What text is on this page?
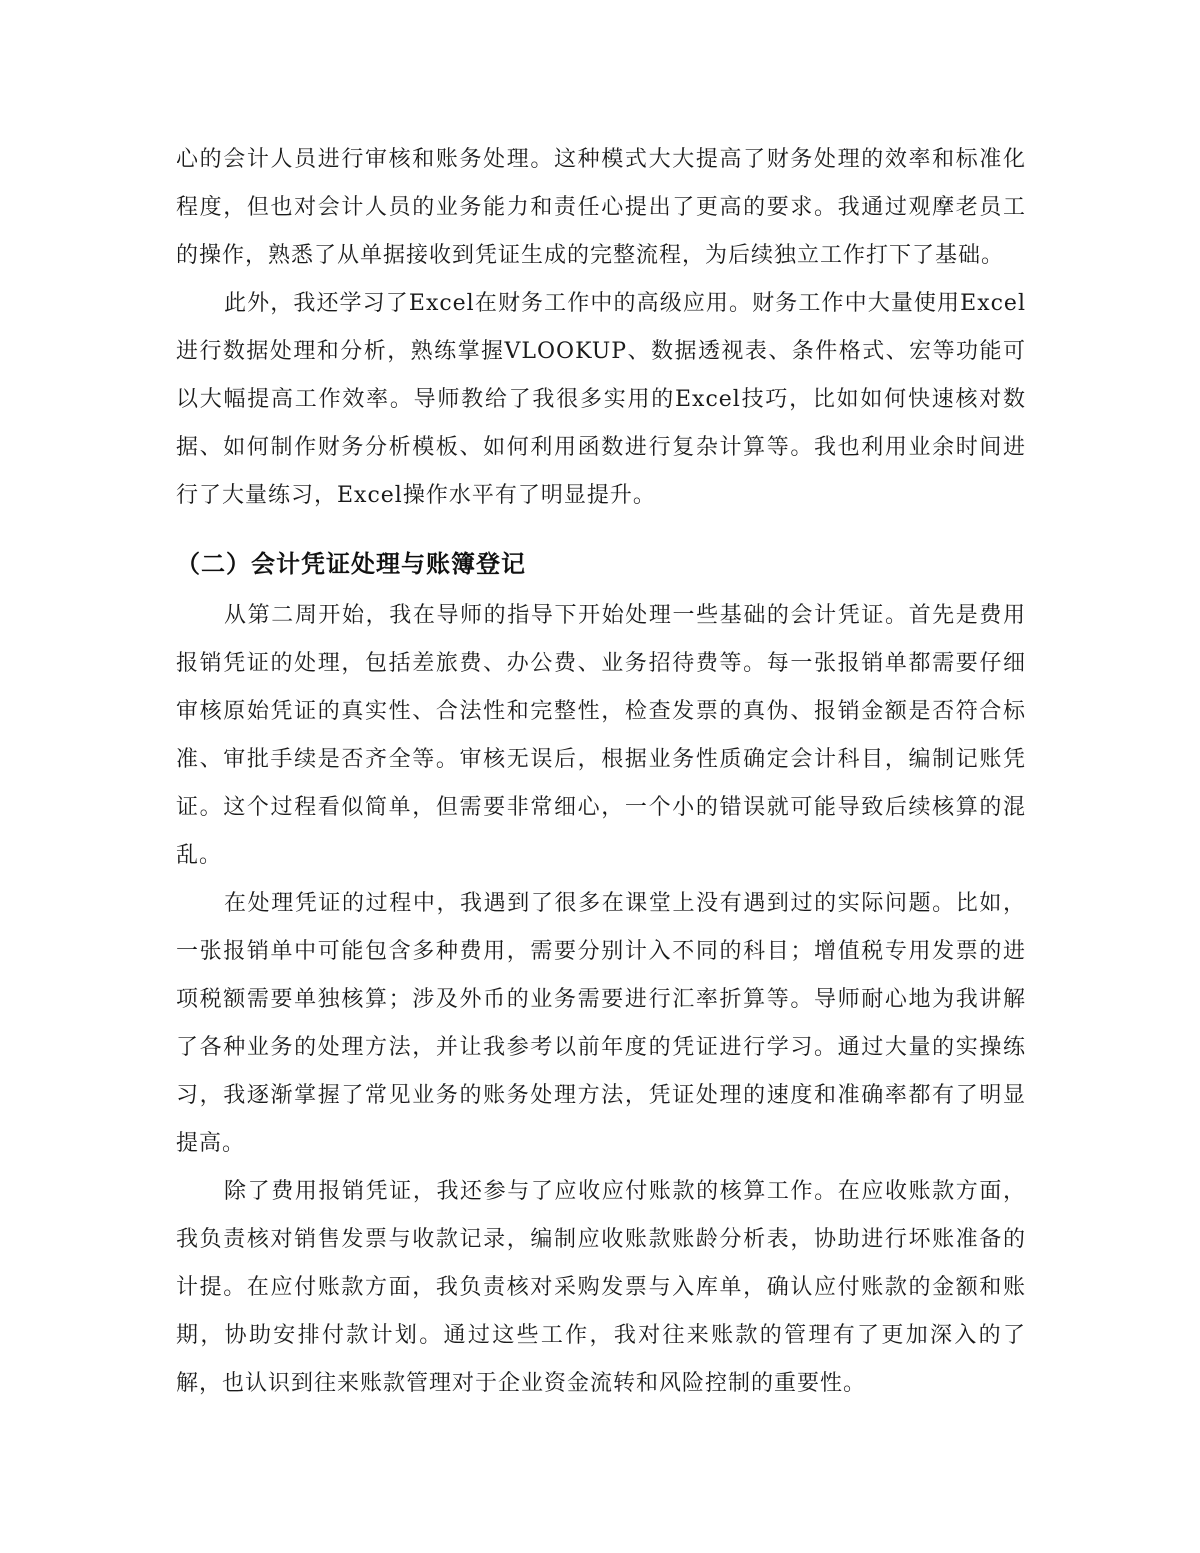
心的会计人员进行审核和账务处理。这种模式大大提高了财务处理的效率和标准化程度，但也对会计人员的业务能力和责任心提出了更高的要求。我通过观摩老员工的操作，熟悉了从单据接收到凭证生成的完整流程，为后续独立工作打下了基础。

此外，我还学习了Excel在财务工作中的高级应用。财务工作中大量使用Excel进行数据处理和分析，熟练掌握VLOOKUP、数据透视表、条件格式、宏等功能可以大幅提高工作效率。导师教给了我很多实用的Excel技巧，比如如何快速核对数据、如何制作财务分析模板、如何利用函数进行复杂计算等。我也利用业余时间进行了大量练习，Excel操作水平有了明显提升。

（二）会计凭证处理与账簿登记

从第二周开始，我在导师的指导下开始处理一些基础的会计凭证。首先是费用报销凭证的处理，包括差旅费、办公费、业务招待费等。每一张报销单都需要仔细审核原始凭证的真实性、合法性和完整性，检查发票的真伪、报销金额是否符合标准、审批手续是否齐全等。审核无误后，根据业务性质确定会计科目，编制记账凭证。这个过程看似简单，但需要非常细心，一个小的错误就可能导致后续核算的混乱。

在处理凭证的过程中，我遇到了很多在课堂上没有遇到过的实际问题。比如，一张报销单中可能包含多种费用，需要分别计入不同的科目；增值税专用发票的进项税额需要单独核算；涉及外币的业务需要进行汇率折算等。导师耐心地为我讲解了各种业务的处理方法，并让我参考以前年度的凭证进行学习。通过大量的实操练习，我逐渐掌握了常见业务的账务处理方法，凭证处理的速度和准确率都有了明显提高。

除了费用报销凭证，我还参与了应收应付账款的核算工作。在应收账款方面，我负责核对销售发票与收款记录，编制应收账款账龄分析表，协助进行坏账准备的计提。在应付账款方面，我负责核对采购发票与入库单，确认应付账款的金额和账期，协助安排付款计划。通过这些工作，我对往来账款的管理有了更加深入的了解，也认识到往来账款管理对于企业资金流转和风险控制的重要性。
